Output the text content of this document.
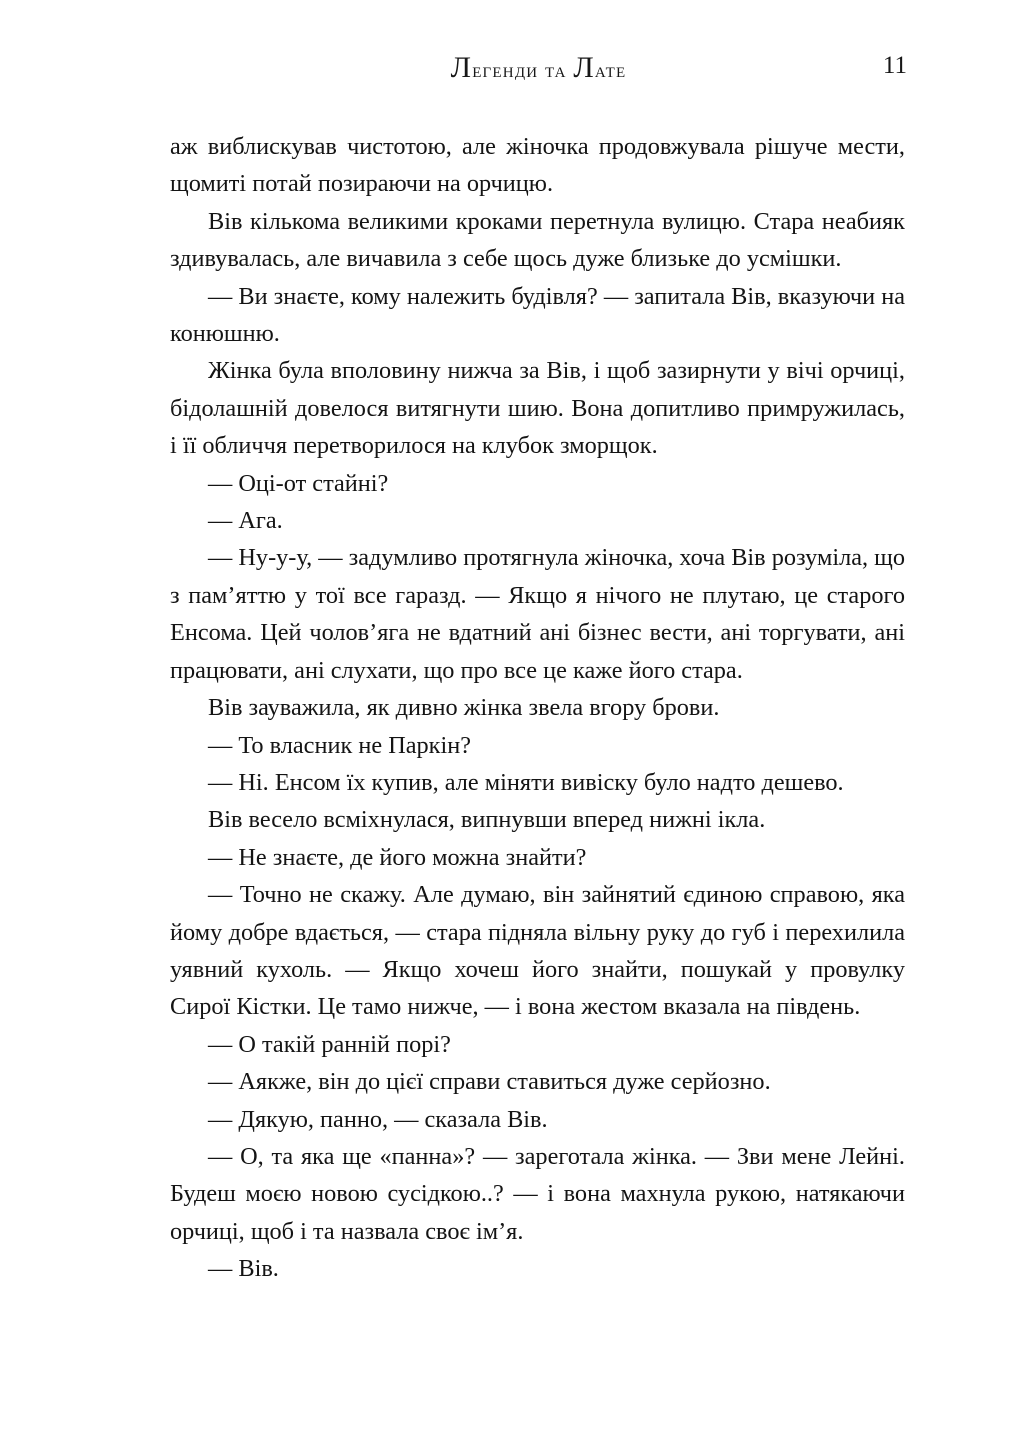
Легенди та Лате	11

аж виблискував чистотою, але жіночка продовжувала рішуче мести, щомиті потай позираючи на орчицю.

Вів кількома великими кроками перетнула вулицю. Стара неабияк здивувалась, але вичавила з себе щось дуже близьке до усмішки.

— Ви знаєте, кому належить будівля? — запитала Вів, вказуючи на конюшню.

Жінка була вполовину нижча за Вів, і щоб зазирнути у вічі орчиці, бідолашній довелося витягнути шию. Вона допитливо примружилась, і її обличчя перетворилося на клубок зморщок.

— Оці-от стайні?

— Ага.

— Ну-у-у, — задумливо протягнула жіночка, хоча Вів розуміла, що з пам’яттю у тої все гаразд. — Якщо я нічого не плутаю, це старого Енсома. Цей чолов’яга не вдатний ані бізнес вести, ані торгувати, ані працювати, ані слухати, що про все це каже його стара.

Вів зауважила, як дивно жінка звела вгору брови.

— То власник не Паркін?

— Ні. Енсом їх купив, але міняти вивіску було надто дешево.

Вів весело всміхнулася, випнувши вперед нижні ікла.

— Не знаєте, де його можна знайти?

— Точно не скажу. Але думаю, він зайнятий єдиною справою, яка йому добре вдається, — стара підняла вільну руку до губ і перехилила уявний кухоль. — Якщо хочеш його знайти, пошукай у провулку Сирої Кістки. Це тамо нижче, — і вона жестом вказала на південь.

— О такій ранній порі?

— Аякже, він до цієї справи ставиться дуже серйозно.

— Дякую, панно, — сказала Вів.

— О, та яка ще «панна»? — зареготала жінка. — Зви мене Лейні. Будеш моєю новою сусідкою..? — і вона махнула рукою, натякаючи орчиці, щоб і та назвала своє ім’я.

— Вів.
